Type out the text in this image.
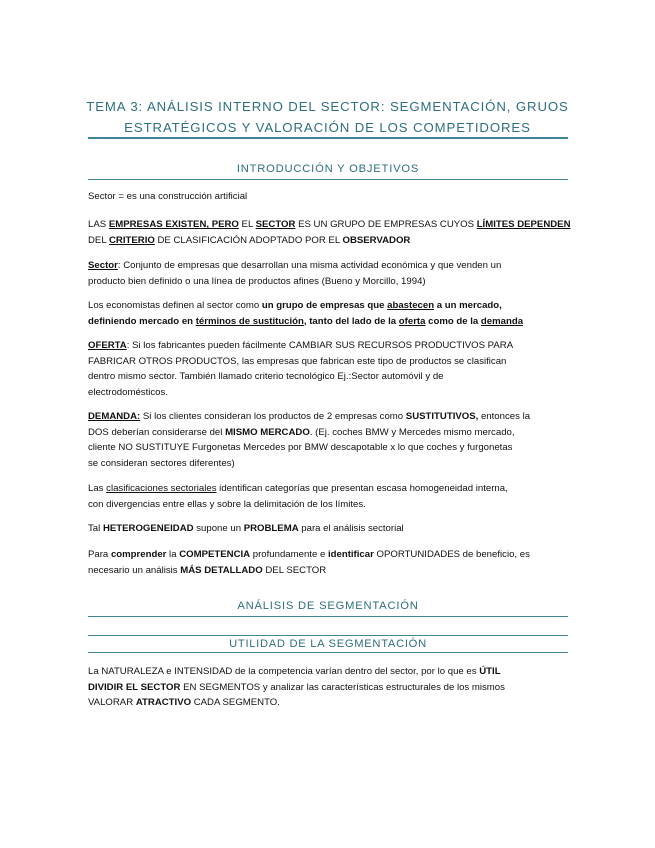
TEMA 3: ANÁLISIS INTERNO DEL SECTOR: SEGMENTACIÓN, GRUOS
ESTRATÉGICOS Y VALORACIÓN DE LOS COMPETIDORES
INTRODUCCIÓN Y OBJETIVOS
Sector = es una construcción artificial
LAS EMPRESAS EXISTEN, PERO EL SECTOR ES UN GRUPO DE EMPRESAS CUYOS LÍMITES DEPENDEN
DEL CRITERIO DE CLASIFICACIÓN ADOPTADO POR EL OBSERVADOR
Sector: Conjunto de empresas que desarrollan una misma actividad económica y que venden un
producto bien definido o una línea de productos afines (Bueno y Morcillo, 1994)
Los economistas definen al sector como un grupo de empresas que abastecen a un mercado,
definiendo mercado en términos de sustitución, tanto del lado de la oferta como de la demanda
OFERTA: Si los fabricantes pueden fácilmente CAMBIAR SUS RECURSOS PRODUCTIVOS PARA
FABRICAR OTROS PRODUCTOS, las empresas que fabrican este tipo de productos se clasifican
dentro mismo sector. También llamado criterio tecnológico Ej.:Sector automóvil y de
electrodomésticos.
DEMANDA: Si los clientes consideran los productos de 2 empresas como SUSTITUTIVOS, entonces la
DOS deberían considerarse del MISMO MERCADO. (Ej. coches BMW y Mercedes mismo mercado,
cliente NO SUSTITUYE Furgonetas Mercedes por BMW descapotable x lo que coches y furgonetas
se consideran sectores diferentes)
Las clasificaciones sectoriales identifican categorías que presentan escasa homogeneidad interna,
con divergencias entre ellas y sobre la delimitación de los límites.
Tal HETEROGENEIDAD supone un PROBLEMA para el análisis sectorial
Para comprender la COMPETENCIA profundamente e identificar OPORTUNIDADES de beneficio, es
necesario un análisis MÁS DETALLADO DEL SECTOR
ANÁLISIS DE SEGMENTACIÓN
UTILIDAD DE LA SEGMENTACIÓN
La NATURALEZA e INTENSIDAD de la competencia varían dentro del sector, por lo que es ÚTIL
DIVIDIR EL SECTOR EN SEGMENTOS y analizar las características estructurales de los mismos
VALORAR ATRACTIVO CADA SEGMENTO.
